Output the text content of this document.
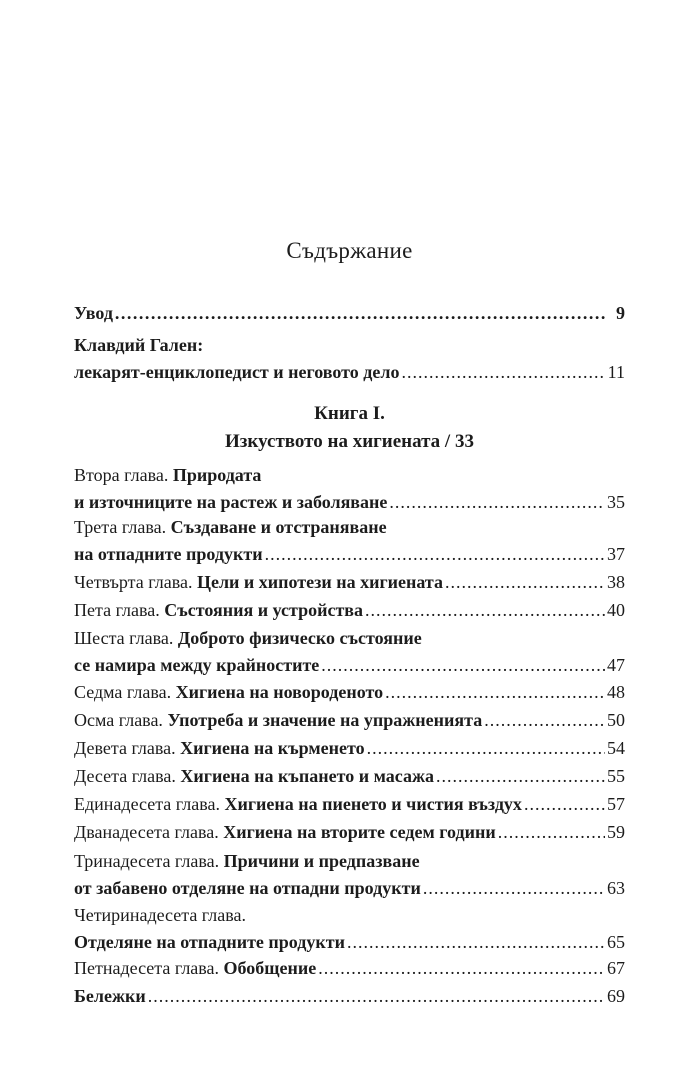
Съдържание
Увод .....	9
Клавдий Гален:
лекарят-енциклопедист и неговото дело .....	11
Книга I.
Изкуството на хигиената / 33
Втора глава. Природата
и източниците на растеж и заболяване .....	35
Трета глава. Създаване и отстраняване
на отпадните продукти .....	37
Четвърта глава. Цели и хипотези на хигиената .....	38
Пета глава. Състояния и устройства .....	40
Шеста глава. Доброто физическо състояние
се намира между крайностите .....	47
Седма глава. Хигиена на новороденото .....	48
Осма глава. Употреба и значение на упражненията .....	50
Девета глава. Хигиена на кърменето .....	54
Десета глава. Хигиена на къпането и масажа .....	55
Единадесета глава. Хигиена на пиенето и чистия въздух .....	57
Дванадесета глава. Хигиена на вторите седем години .....	59
Тринадесета глава. Причини и предпазване
от забавено отделяне на отпадни продукти .....	63
Четиринадесета глава.
Отделяне на отпадните продукти .....	65
Петнадесета глава. Обобщение .....	67
Бележки .....	69
